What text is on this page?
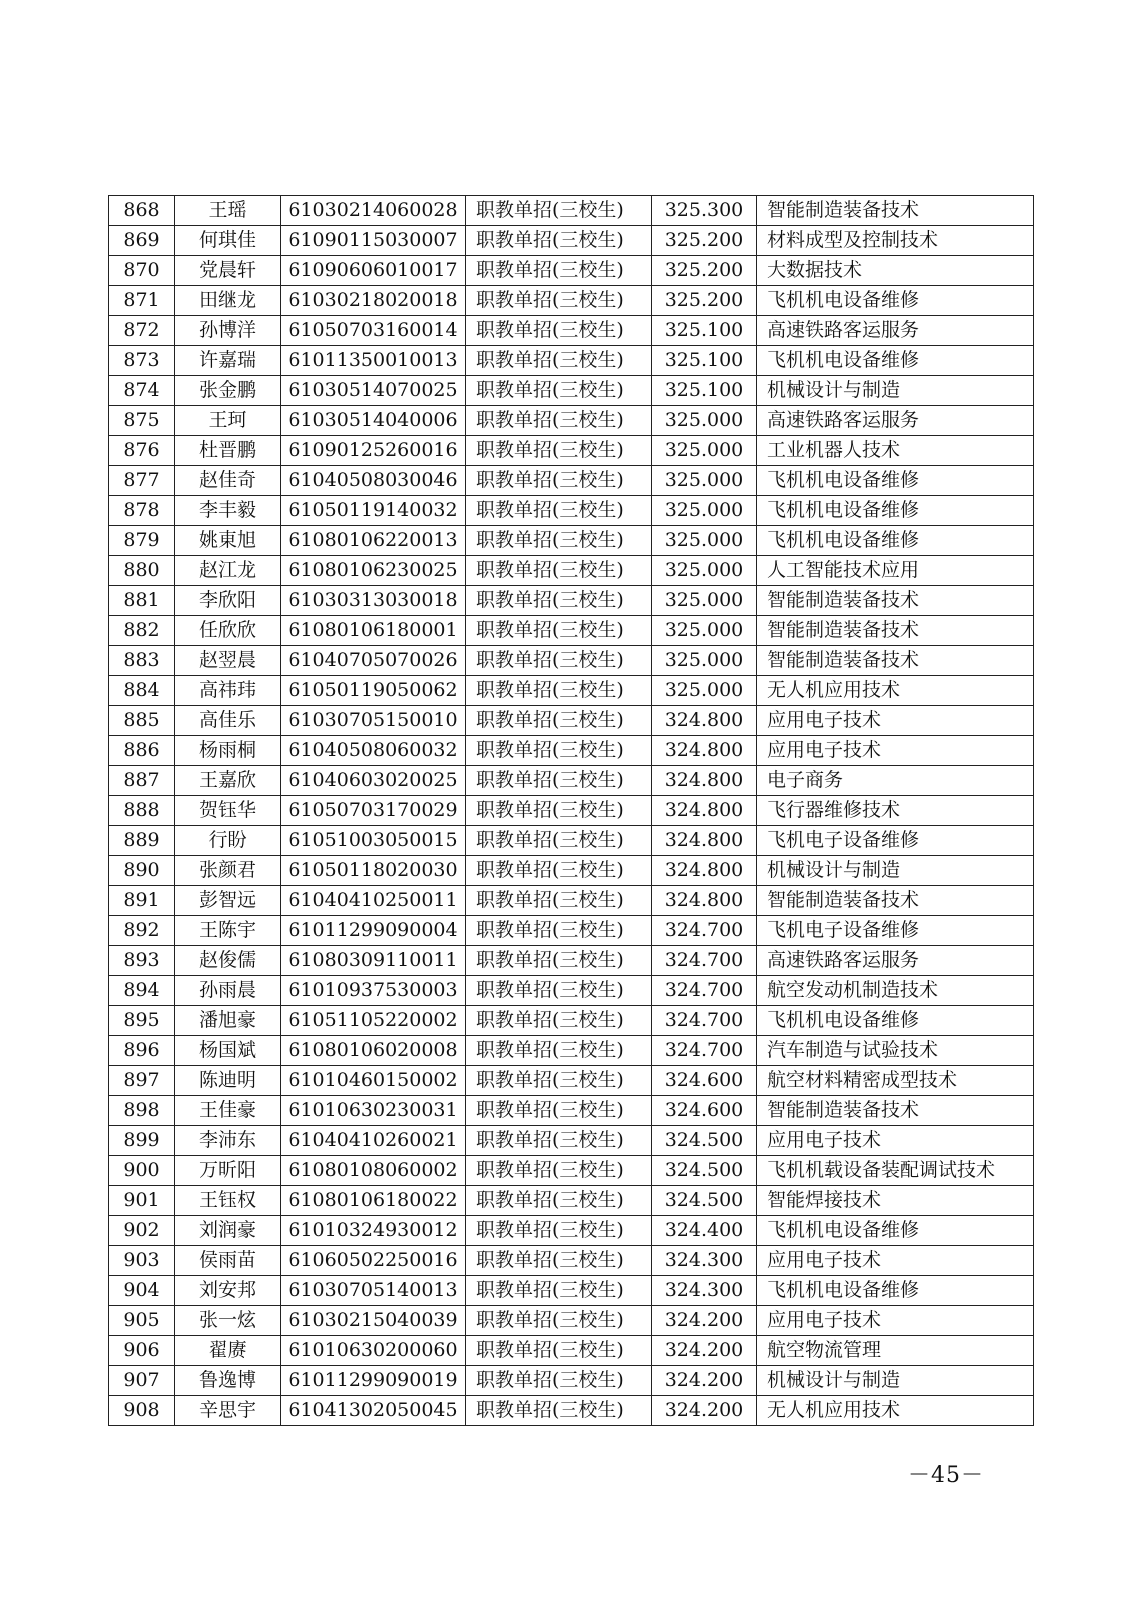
868	王瑶	61030214060028	职教单招(三校生)	325.300	智能制造装备技术
869	何琪佳	61090115030007	职教单招(三校生)	325.200	材料成型及控制技术
870	党晨轩	61090606010017	职教单招(三校生)	325.200	大数据技术
871	田继龙	61030218020018	职教单招(三校生)	325.200	飞机机电设备维修
872	孙博洋	61050703160014	职教单招(三校生)	325.100	高速铁路客运服务
873	许嘉瑞	61011350010013	职教单招(三校生)	325.100	飞机机电设备维修
874	张金鹏	61030514070025	职教单招(三校生)	325.100	机械设计与制造
875	王珂	61030514040006	职教单招(三校生)	325.000	高速铁路客运服务
876	杜晋鹏	61090125260016	职教单招(三校生)	325.000	工业机器人技术
877	赵佳奇	61040508030046	职教单招(三校生)	325.000	飞机机电设备维修
878	李丰毅	61050119140032	职教单招(三校生)	325.000	飞机机电设备维修
879	姚東旭	61080106220013	职教单招(三校生)	325.000	飞机机电设备维修
880	赵江龙	61080106230025	职教单招(三校生)	325.000	人工智能技术应用
881	李欣阳	61030313030018	职教单招(三校生)	325.000	智能制造装备技术
882	任欣欣	61080106180001	职教单招(三校生)	325.000	智能制造装备技术
883	赵翌晨	61040705070026	职教单招(三校生)	325.000	智能制造装备技术
884	高祎玮	61050119050062	职教单招(三校生)	325.000	无人机应用技术
885	高佳乐	61030705150010	职教单招(三校生)	324.800	应用电子技术
886	杨雨桐	61040508060032	职教单招(三校生)	324.800	应用电子技术
887	王嘉欣	61040603020025	职教单招(三校生)	324.800	电子商务
888	贺钰华	61050703170029	职教单招(三校生)	324.800	飞行器维修技术
889	行盼	61051003050015	职教单招(三校生)	324.800	飞机电子设备维修
890	张颜君	61050118020030	职教单招(三校生)	324.800	机械设计与制造
891	彭智远	61040410250011	职教单招(三校生)	324.800	智能制造装备技术
892	王陈宇	61011299090004	职教单招(三校生)	324.700	飞机电子设备维修
893	赵俊儒	61080309110011	职教单招(三校生)	324.700	高速铁路客运服务
894	孙雨晨	61010937530003	职教单招(三校生)	324.700	航空发动机制造技术
895	潘旭豪	61051105220002	职教单招(三校生)	324.700	飞机机电设备维修
896	杨国斌	61080106020008	职教单招(三校生)	324.700	汽车制造与试验技术
897	陈迪明	61010460150002	职教单招(三校生)	324.600	航空材料精密成型技术
898	王佳豪	61010630230031	职教单招(三校生)	324.600	智能制造装备技术
899	李沛东	61040410260021	职教单招(三校生)	324.500	应用电子技术
900	万昕阳	61080108060002	职教单招(三校生)	324.500	飞机机载设备装配调试技术
901	王钰权	61080106180022	职教单招(三校生)	324.500	智能焊接技术
902	刘润豪	61010324930012	职教单招(三校生)	324.400	飞机机电设备维修
903	侯雨苗	61060502250016	职教单招(三校生)	324.300	应用电子技术
904	刘安邦	61030705140013	职教单招(三校生)	324.300	飞机机电设备维修
905	张一炫	61030215040039	职教单招(三校生)	324.200	应用电子技术
906	翟赓	61010630200060	职教单招(三校生)	324.200	航空物流管理
907	鲁逸博	61011299090019	职教单招(三校生)	324.200	机械设计与制造
908	辛思宇	61041302050045	职教单招(三校生)	324.200	无人机应用技术
－45－
